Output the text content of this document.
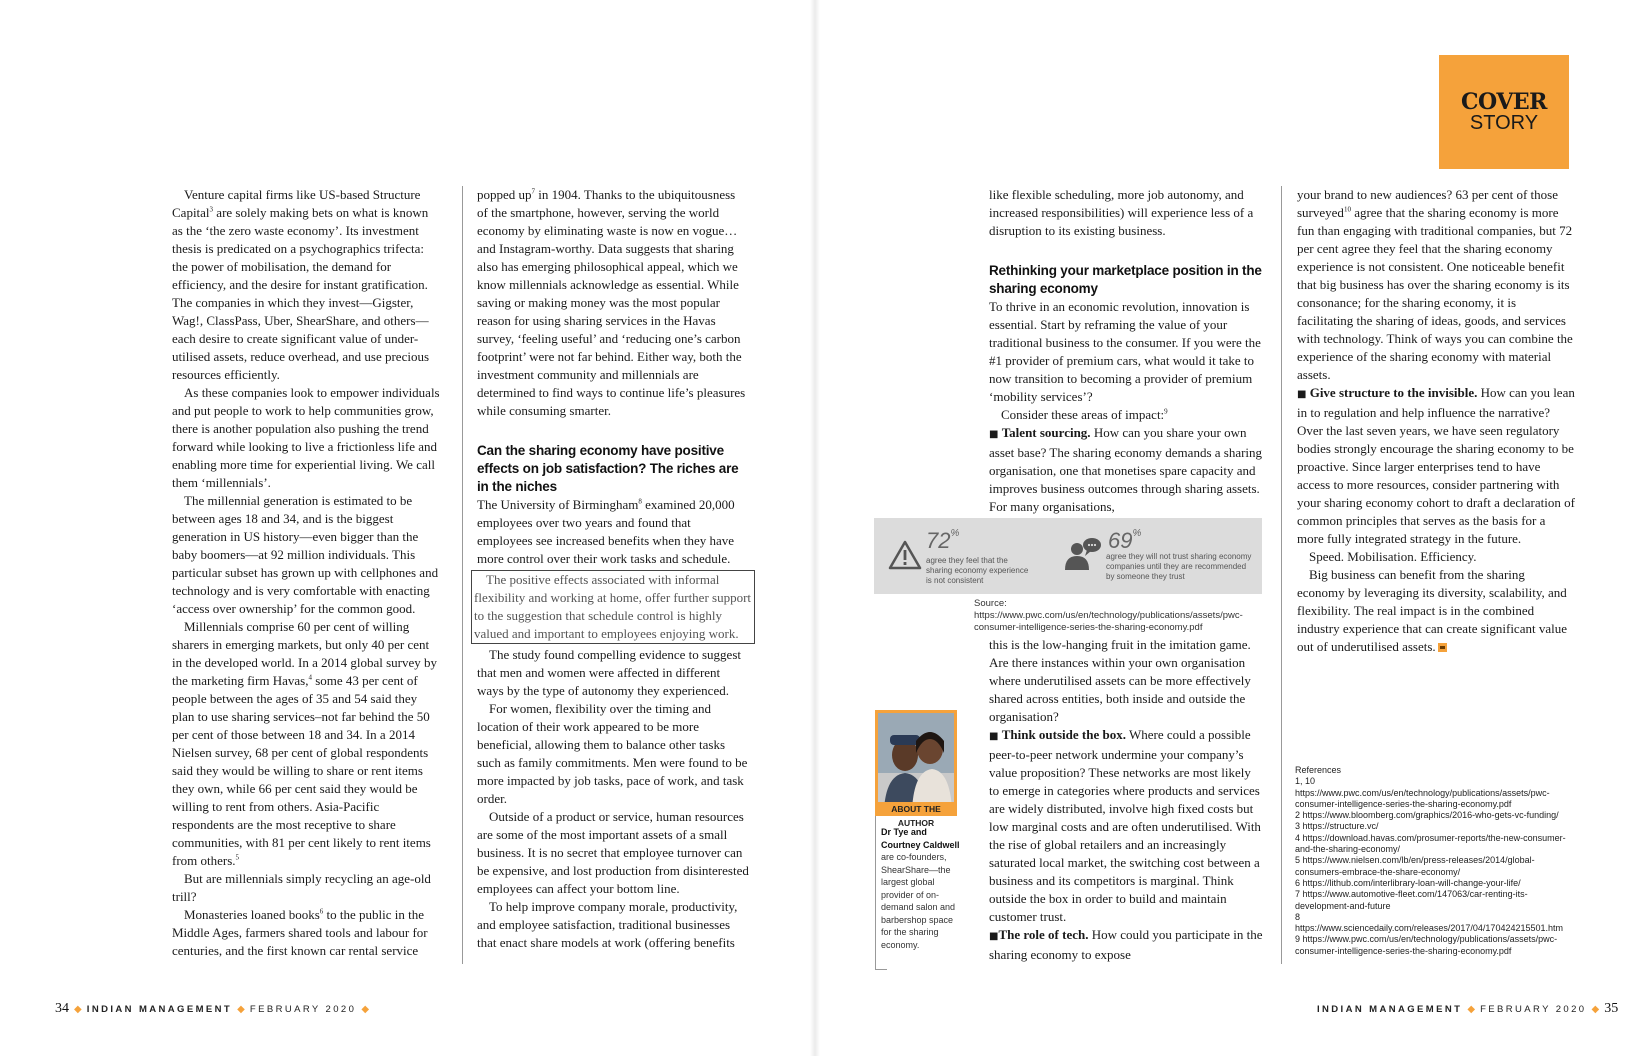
Venture capital firms like US-based Structure Capital$^3$ are solely making bets on what is known as the ‘the zero waste economy’. Its investment thesis is predicated on a psychographics trifecta: the power of mobilisation, the demand for efficiency, and the desire for instant gratification. The companies in which they invest—Gigster, Wag!, ClassPass, Uber, ShearShare, and others—each desire to create significant value of under-utilised assets, reduce overhead, and use precious resources efficiently.

As these companies look to empower individuals and put people to work to help communities grow, there is another population also pushing the trend forward while looking to live a frictionless life and enabling more time for experiential living. We call them ‘millennials’.

The millennial generation is estimated to be between ages 18 and 34, and is the biggest generation in US history—even bigger than the baby boomers—at 92 million individuals. This particular subset has grown up with cellphones and technology and is very comfortable with enacting ‘access over ownership’ for the common good.

Millennials comprise 60 per cent of willing sharers in emerging markets, but only 40 per cent in the developed world. In a 2014 global survey by the marketing firm Havas,$^4$ some 43 per cent of people between the ages of 35 and 54 said they plan to use sharing services–not far behind the 50 per cent of those between 18 and 34. In a 2014 Nielsen survey, 68 per cent of global respondents said they would be willing to share or rent items they own, while 66 per cent said they would be willing to rent from others. Asia-Pacific respondents are the most receptive to share communities, with 81 per cent likely to rent items from others.$^5$

But are millennials simply recycling an age-old trill?

Monasteries loaned books$^6$ to the public in the Middle Ages, farmers shared tools and labour for centuries, and the first known car rental service

popped $up^7$ in 1904. Thanks to the ubiquitousness of the smartphone, however, serving the world economy by eliminating waste is now en vogue… and Instagram-worthy. Data suggests that sharing also has emerging philosophical appeal, which we know millennials acknowledge as essential. While saving or making money was the most popular reason for using sharing services in the Havas survey, ‘feeling useful’ and ‘reducing one’s carbon footprint’ were not far behind. Either way, both the investment community and millennials are determined to find ways to continue life’s pleasures while consuming smarter.

Can the sharing economy have positive effects on job satisfaction? The riches are in the niches

The University of Birmingham$^8$ examined 20,000 employees over two years and found that employees see increased benefits when they have more control over their work tasks and schedule.

The positive effects associated with informal flexibility and working at home, offer further support to the suggestion that schedule control is highly valued and important to employees enjoying work.

The study found compelling evidence to suggest that men and women were affected in different ways by the type of autonomy they experienced.

For women, flexibility over the timing and location of their work appeared to be more beneficial, allowing them to balance other tasks such as family commitments. Men were found to be more impacted by job tasks, pace of work, and task order.

Outside of a product or service, human resources are some of the most important assets of a small business. It is no secret that employee turnover can be expensive, and lost production from disinterested employees can affect your bottom line.

To help improve company morale, productivity, and employee satisfaction, traditional businesses that enact share models at work (offering benefits

34 ◆ INDIAN MANAGEMENT ◆ FEBRUARY 2020 ◆
COVER
STORY

like flexible scheduling, more job autonomy, and increased responsibilities) will experience less of a disruption to its existing business.

Rethinking your marketplace position in the sharing economy

To thrive in an economic revolution, innovation is essential. Start by reframing the value of your traditional business to the consumer. If you were the #1 provider of premium cars, what would it take to now transition to becoming a provider of premium ‘mobility services’?

Consider these areas of impact:$^9$

■ Talent sourcing. How can you share your own asset base? The sharing economy demands a sharing organisation, one that monetises spare capacity and improves business outcomes through sharing assets. For many organisations,

72%
agree they feel that the sharing economy experience is not consistent
69%
agree they will not trust sharing economy companies until they are recommended by someone they trust
Source: https://www.pwc.com/us/en/technology/publications/assets/pwc-consumer-intelligence-series-the-sharing-economy.pdf

this is the low-hanging fruit in the imitation game. Are there instances within your own organisation where underutilised assets can be more effectively shared across entities, both inside and outside the organisation?

■ Think outside the box. Where could a possible peer-to-peer network undermine your company’s value proposition? These networks are most likely to emerge in categories where products and services are widely distributed, involve high fixed costs but low marginal costs and are often underutilised. With the rise of global retailers and an increasingly saturated local market, the switching cost between a business and its competitors is marginal. Think outside the box in order to build and maintain customer trust.

■The role of tech. How could you participate in the sharing economy to expose

ABOUT THE AUTHOR
Dr Tye and Courtney Caldwell
are co-founders, ShearShare—the largest global provider of on-demand salon and barbershop space for the sharing economy.

your brand to new audiences? 63 per cent of those surveyed$^{10}$ agree that the sharing economy is more fun than engaging with traditional companies, but 72 per cent agree they feel that the sharing economy experience is not consistent. One noticeable benefit that big business has over the sharing economy is its consonance; for the sharing economy, it is facilitating the sharing of ideas, goods, and services with technology. Think of ways you can combine the experience of the sharing economy with material assets.

■ Give structure to the invisible. How can you lean in to regulation and help influence the narrative? Over the last seven years, we have seen regulatory bodies strongly encourage the sharing economy to be proactive. Since larger enterprises tend to have access to more resources, consider partnering with your sharing economy cohort to draft a declaration of common principles that serves as the basis for a more fully integrated strategy in the future.

Speed. Mobilisation. Efficiency.

Big business can benefit from the sharing economy by leveraging its diversity, scalability, and flexibility. The real impact is in the combined industry experience that can create significant value out of underutilised assets.

References
1, 10 https://www.pwc.com/us/en/technology/publications/assets/pwc-consumer-intelligence-series-the-sharing-economy.pdf
2 https://www.bloomberg.com/graphics/2016-who-gets-vc-funding/
3 https://structure.vc/
4 https://download.havas.com/prosumer-reports/the-new-consumer-and-the-sharing-economy/
5 https://www.nielsen.com/lb/en/press-releases/2014/global-consumers-embrace-the-share-economy/
6 https://lithub.com/interlibrary-loan-will-change-your-life/
7 https://www.automotive-fleet.com/147063/car-renting-its-development-and-future
8 https://www.sciencedaily.com/releases/2017/04/170424215501.htm
9 https://www.pwc.com/us/en/technology/publications/assets/pwc-consumer-intelligence-series-the-sharing-economy.pdf
INDIAN MANAGEMENT ◆ FEBRUARY 2020 ◆ 35
